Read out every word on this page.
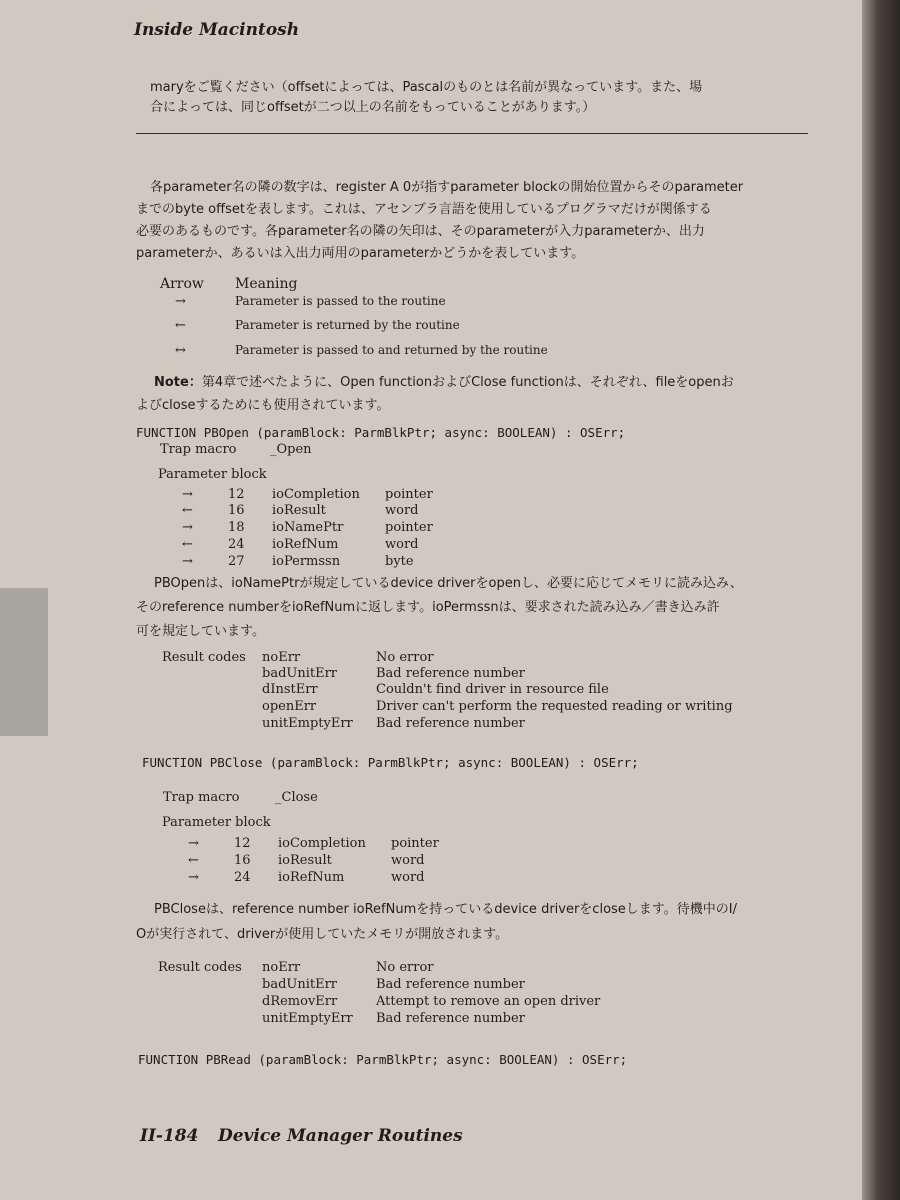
Inside Macintosh
maryをご覧ください（offsetによっては、Pascalのものとは名前が異なっています。また、場
合によっては、同じoffsetが二つ以上の名前をもっていることがあります。）
各parameter名の隣の数字は、register A 0が指すparameter blockの開始位置からそのparameter
までのbyte offsetを表します。これは、アセンブラ言語を使用しているプログラマだけが関係する
必要のあるものです。各parameter名の隣の矢印は、そのparameterが入力parameterか、出力
parameterか、あるいは入出力両用のparameterかどうかを表しています。
Arrow Meaning
→	Parameter is passed to the routine
←	Parameter is returned by the routine
↔	Parameter is passed to and returned by the routine
Note：第4章で述べたように、Open functionおよびClose functionは、それぞれ、fileをopenお
よびcloseするためにも使用されています。
FUNCTION PBOpen (paramBlock: ParmBlkPtr; async: BOOLEAN) : OSErr;
Trap macro	_Open
Parameter block
→	12 ioCompletion pointer
←	16 ioResult	word
→	18 ioNamePtr	pointer
←	24 ioRefNum	word
→	27 ioPermssn	byte
PBOpenは、ioNamePtrが規定しているdevice driverをopenし、必要に応じてメモリに読み込み、
そのreference numberをioRefNumに返します。ioPermssnは、要求された読み込み／書き込み許
可を規定しています。
Result codes noErr	No error
badUnitErr	Bad reference number
dInstErr	Couldn't find driver in resource file
openErr	Driver can't perform the requested reading or writing
unitEmptyErr Bad reference number
FUNCTION PBClose (paramBlock: ParmBlkPtr; async: BOOLEAN) : OSErr;
Trap macro	_Close
Parameter block
→	12 ioCompletion pointer
←	16 ioResult	word
→	24 ioRefNum	word
PBCloseは、reference number ioRefNumを持っているdevice driverをcloseします。待機中のI/
Oが実行されて、driverが使用していたメモリが開放されます。
Result codes noErr	No error
badUnitErr	Bad reference number
dRemovErr	Attempt to remove an open driver
unitEmptyErr Bad reference number
FUNCTION PBRead (paramBlock: ParmBlkPtr; async: BOOLEAN) : OSErr;
II-184 Device Manager Routines
